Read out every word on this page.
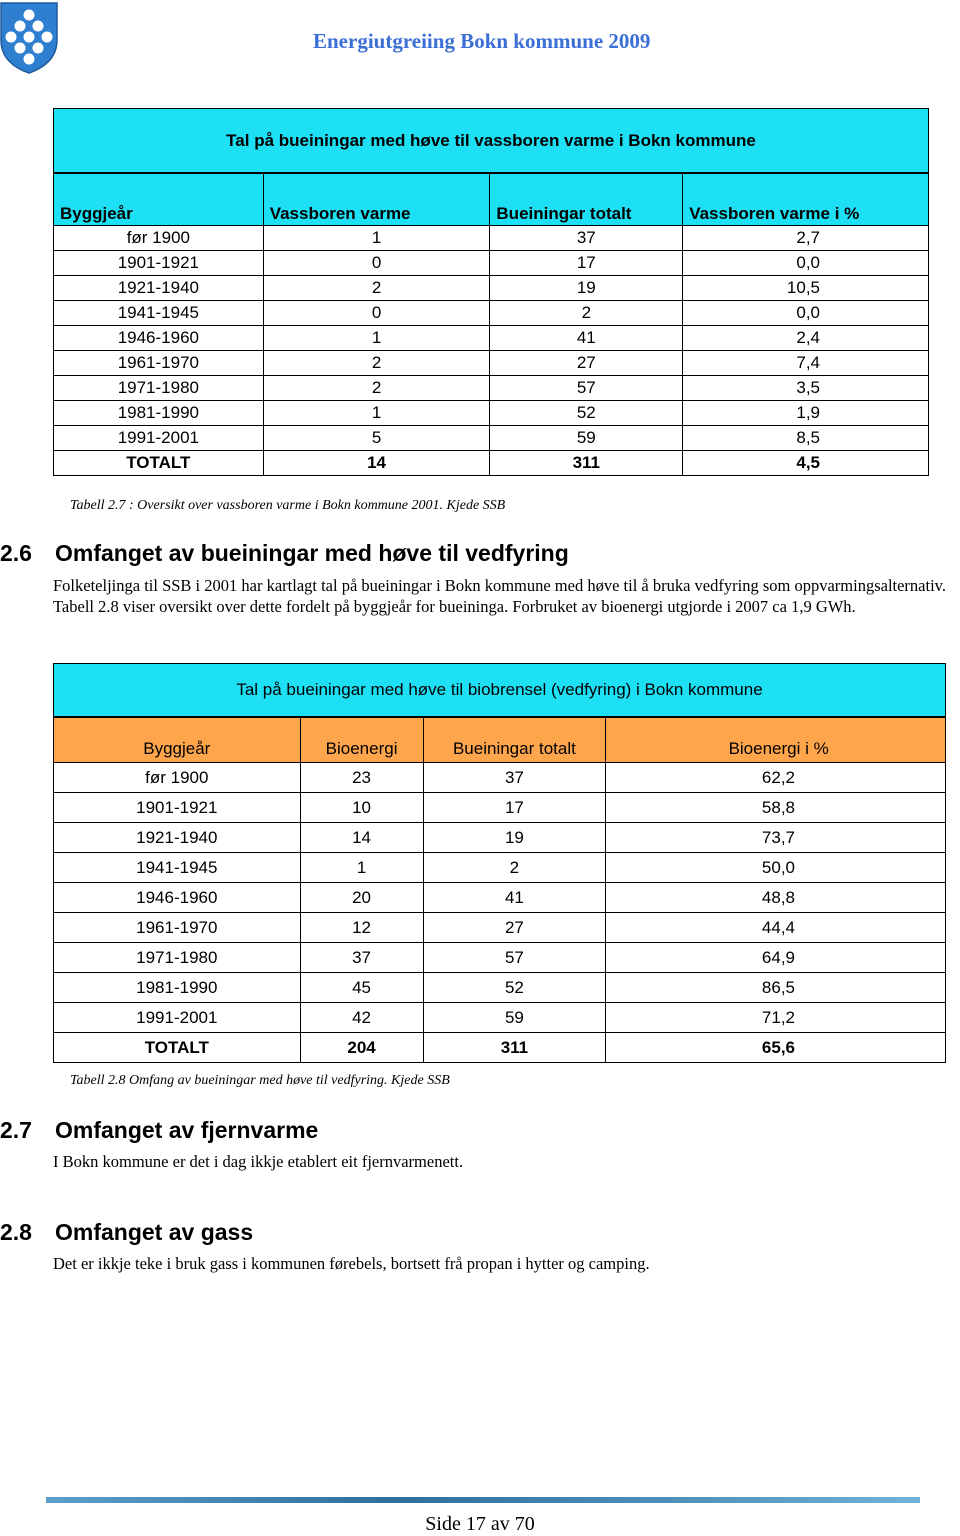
Energiutgreiing Bokn kommune 2009
Tal på bueiningar med høve til vassboren varme i Bokn kommune
Byggjeår	Vassboren varme	Bueiningar totalt	Vassboren varme i %
før 1900	1	37	2,7
1901-1921	0	17	0,0
1921-1940	2	19	10,5
1941-1945	0	2	0,0
1946-1960	1	41	2,4
1961-1970	2	27	7,4
1971-1980	2	57	3,5
1981-1990	1	52	1,9
1991-2001	5	59	8,5
TOTALT	14	311	4,5
Tabell 2.7 : Oversikt over vassboren varme i Bokn kommune 2001. Kjede SSB
2.6 Omfanget av bueiningar med høve til vedfyring
Folketeljinga til SSB i 2001 har kartlagt tal på bueiningar i Bokn kommune med høve til å bruka vedfyring som oppvarmingsalternativ. Tabell 2.8 viser oversikt over dette fordelt på byggjeår for bueininga. Forbruket av bioenergi utgjorde i 2007 ca 1,9 GWh.
Tal på bueiningar med høve til biobrensel (vedfyring) i Bokn kommune
Byggjeår	Bioenergi	Bueiningar totalt	Bioenergi i %
før 1900	23	37	62,2
1901-1921	10	17	58,8
1921-1940	14	19	73,7
1941-1945	1	2	50,0
1946-1960	20	41	48,8
1961-1970	12	27	44,4
1971-1980	37	57	64,9
1981-1990	45	52	86,5
1991-2001	42	59	71,2
TOTALT	204	311	65,6
Tabell 2.8 Omfang av bueiningar med høve til vedfyring. Kjede SSB
2.7 Omfanget av fjernvarme
I Bokn kommune er det i dag ikkje etablert eit fjernvarmenett.
2.8 Omfanget av gass
Det er ikkje teke i bruk gass i kommunen førebels, bortsett frå propan i hytter og camping.
Side 17 av 70
